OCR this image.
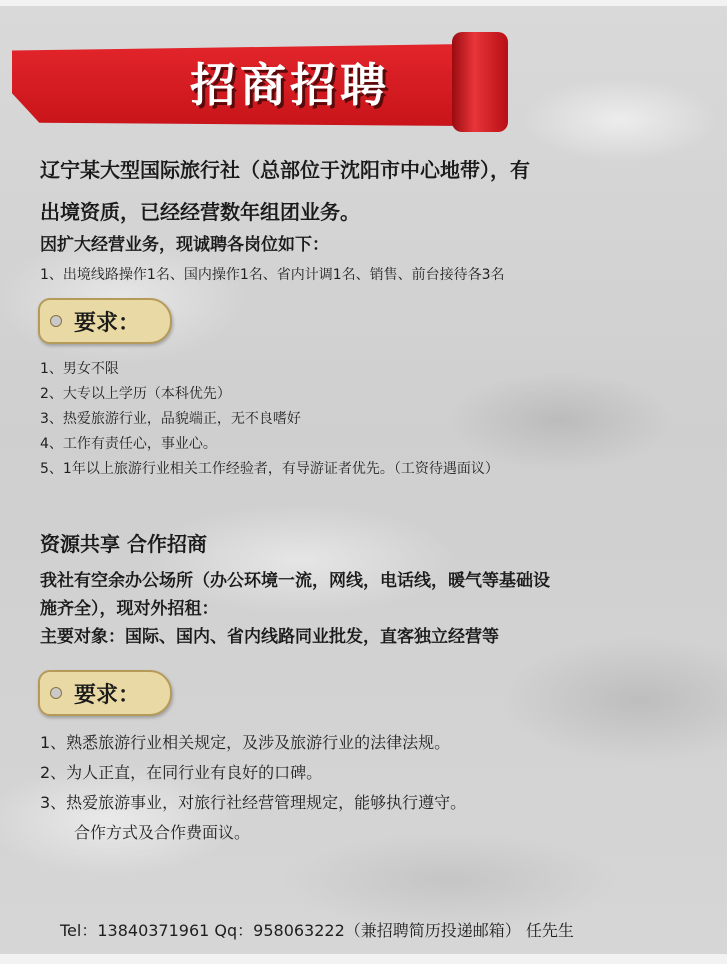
招商招聘
辽宁某大型国际旅行社（总部位于沈阳市中心地带），有
出境资质，已经经营数年组团业务。
因扩大经营业务，现诚聘各岗位如下：
1、出境线路操作1名、国内操作1名、省内计调1名、销售、前台接待各3名
要求：
1、男女不限
2、大专以上学历（本科优先）
3、热爱旅游行业，品貌端正，无不良嗜好
4、工作有责任心，事业心。
5、1年以上旅游行业相关工作经验者，有导游证者优先。（工资待遇面议）
资源共享 合作招商
我社有空余办公场所（办公环境一流，网线，电话线，暖气等基础设
施齐全），现对外招租：
主要对象：国际、国内、省内线路同业批发，直客独立经营等
要求：
1、熟悉旅游行业相关规定，及涉及旅游行业的法律法规。
2、为人正直，在同行业有良好的口碑。
3、热爱旅游事业，对旅行社经营管理规定，能够执行遵守。
合作方式及合作费面议。
Tel：13840371961 Qq：958063222（兼招聘简历投递邮箱） 任先生
